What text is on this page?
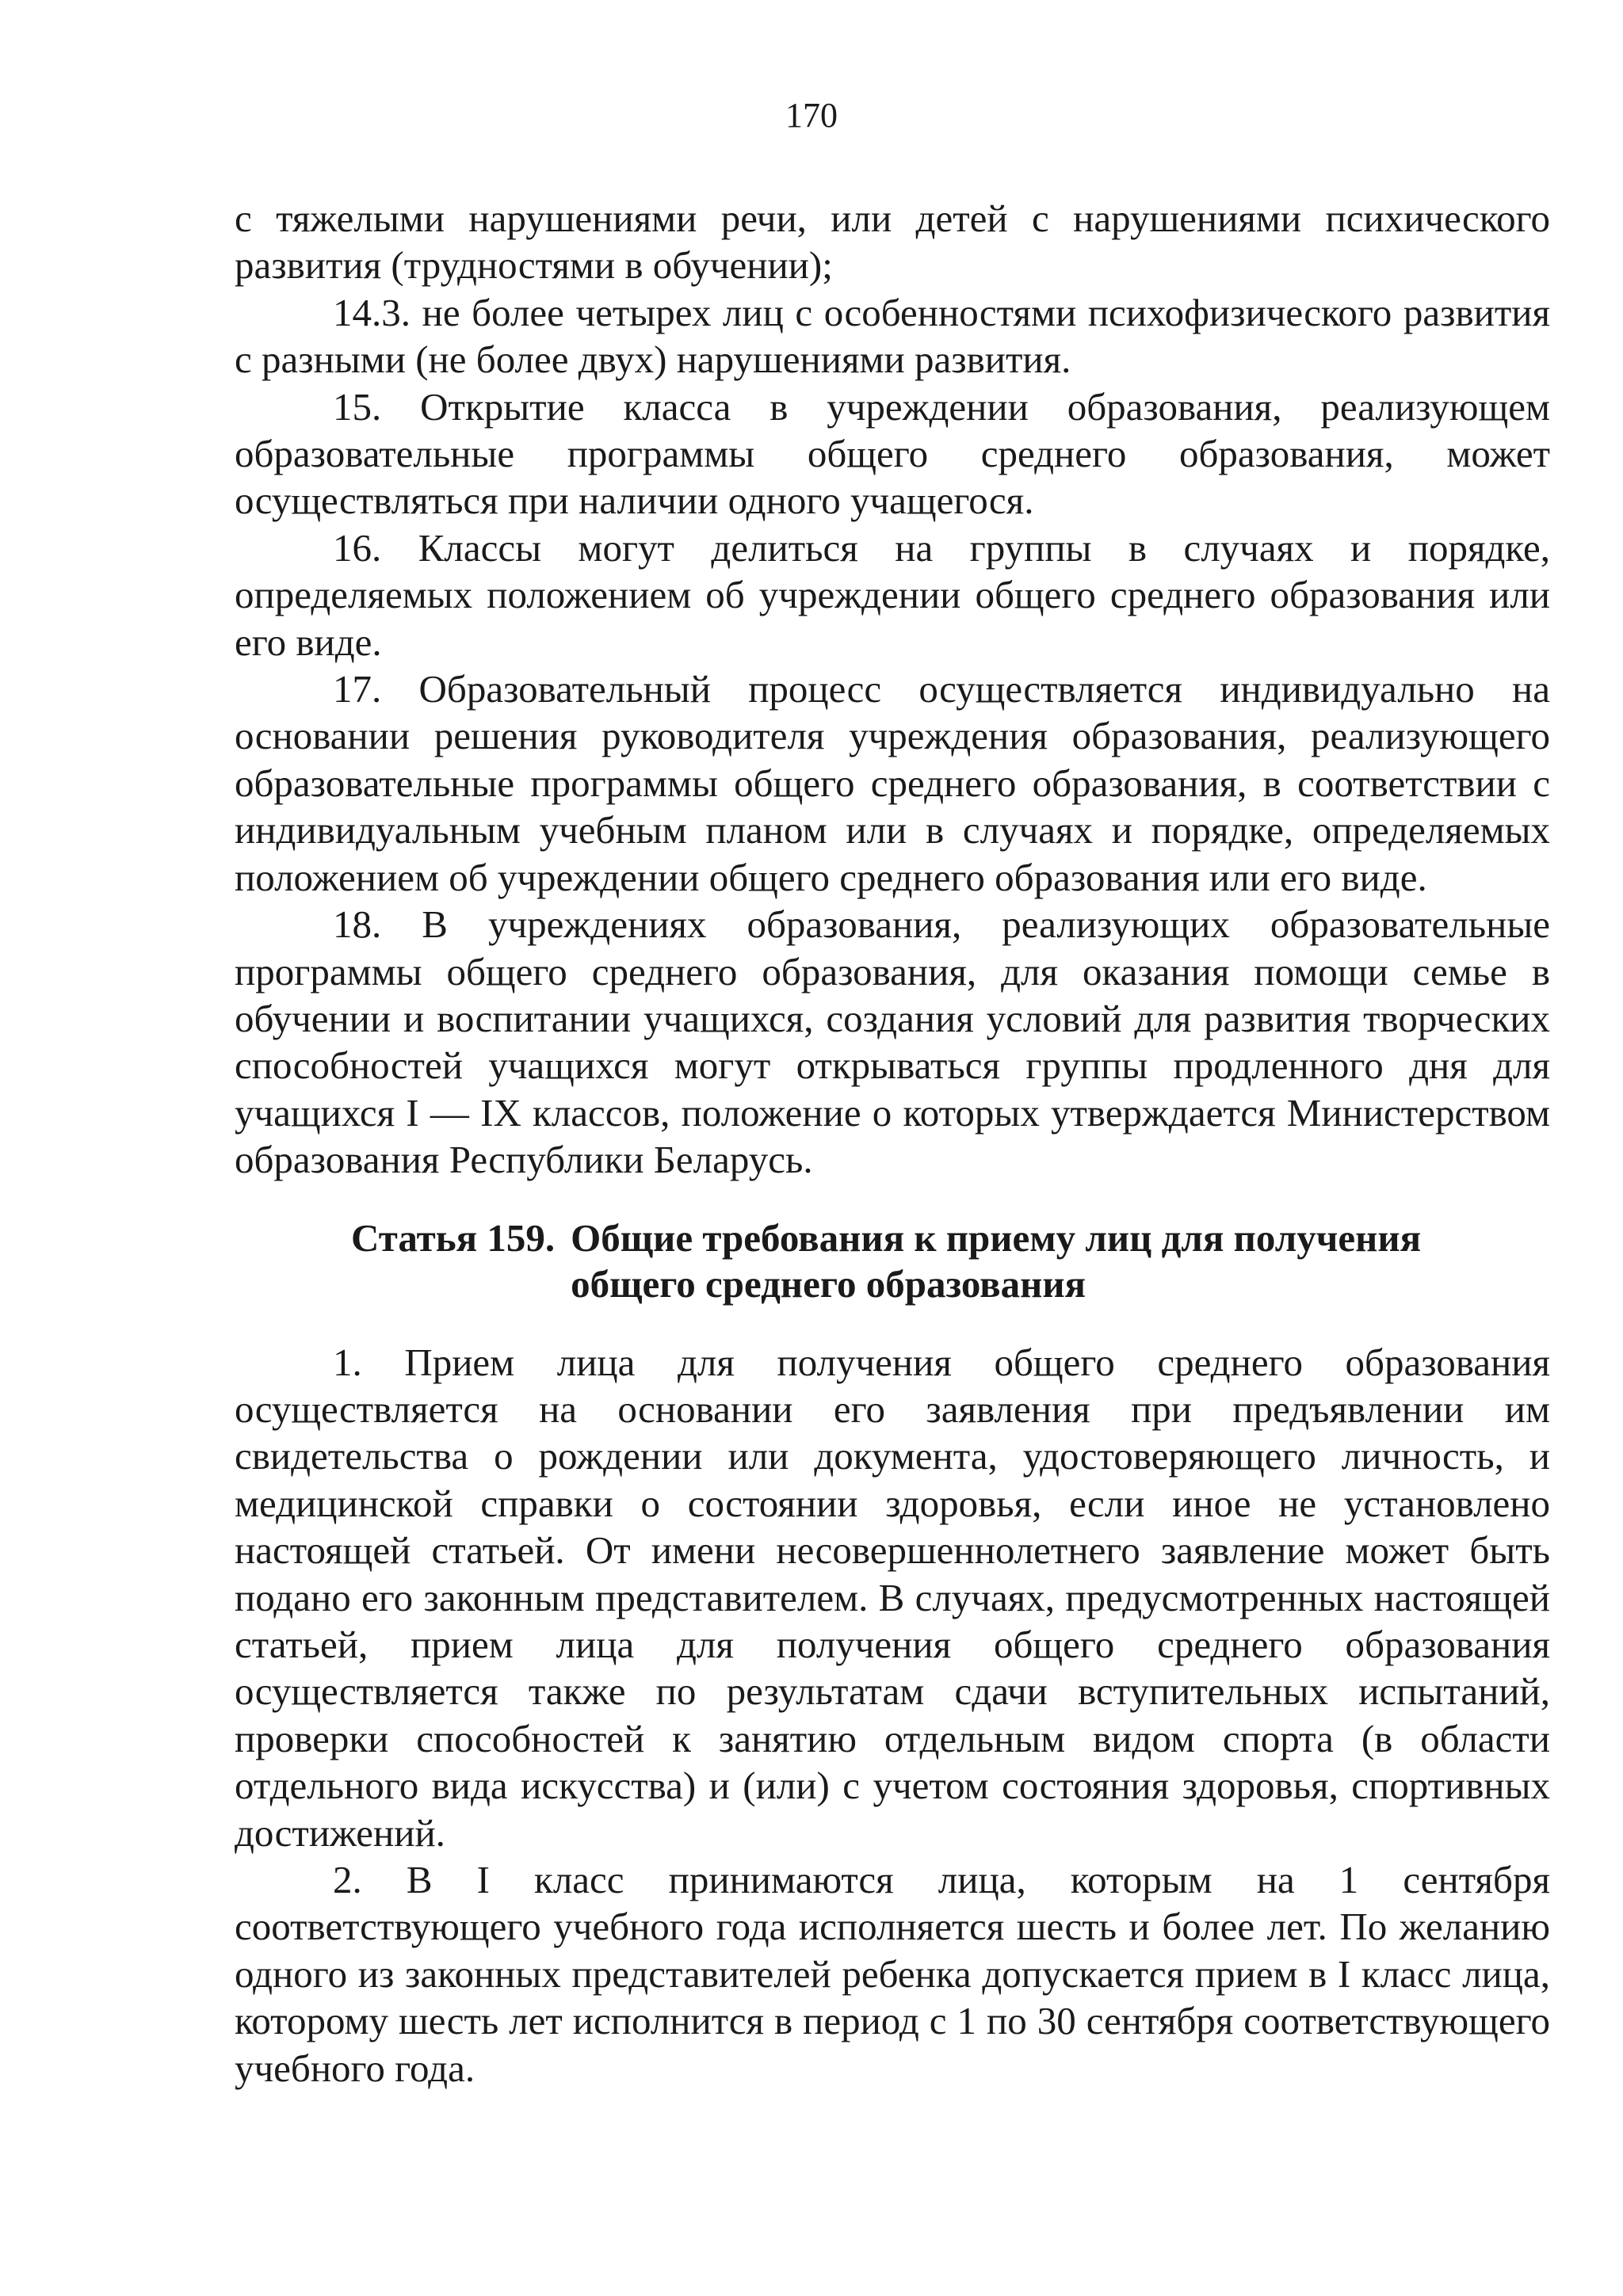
170

с тяжелыми нарушениями речи, или детей с нарушениями психического развития (трудностями в обучении);

14.3. не более четырех лиц с особенностями психофизического развития с разными (не более двух) нарушениями развития.

15. Открытие класса в учреждении образования, реализующем образовательные программы общего среднего образования, может осуществляться при наличии одного учащегося.

16. Классы могут делиться на группы в случаях и порядке, определяемых положением об учреждении общего среднего образования или его виде.

17. Образовательный процесс осуществляется индивидуально на основании решения руководителя учреждения образования, реализующего образовательные программы общего среднего образования, в соответствии с индивидуальным учебным планом или в случаях и порядке, определяемых положением об учреждении общего среднего образования или его виде.

18. В учреждениях образования, реализующих образовательные программы общего среднего образования, для оказания помощи семье в обучении и воспитании учащихся, создания условий для развития творческих способностей учащихся могут открываться группы продленного дня для учащихся I — IX классов, положение о которых утверждается Министерством образования Республики Беларусь.

Статья 159. Общие требования к приему лиц для получения
общего среднего образования

1. Прием лица для получения общего среднего образования осуществляется на основании его заявления при предъявлении им свидетельства о рождении или документа, удостоверяющего личность, и медицинской справки о состоянии здоровья, если иное не установлено настоящей статьей. От имени несовершеннолетнего заявление может быть подано его законным представителем. В случаях, предусмотренных настоящей статьей, прием лица для получения общего среднего образования осуществляется также по результатам сдачи вступительных испытаний, проверки способностей к занятию отдельным видом спорта (в области отдельного вида искусства) и (или) с учетом состояния здоровья, спортивных достижений.

2. В I класс принимаются лица, которым на 1 сентября соответствующего учебного года исполняется шесть и более лет. По желанию одного из законных представителей ребенка допускается прием в I класс лица, которому шесть лет исполнится в период с 1 по 30 сентября соответствующего учебного года.
